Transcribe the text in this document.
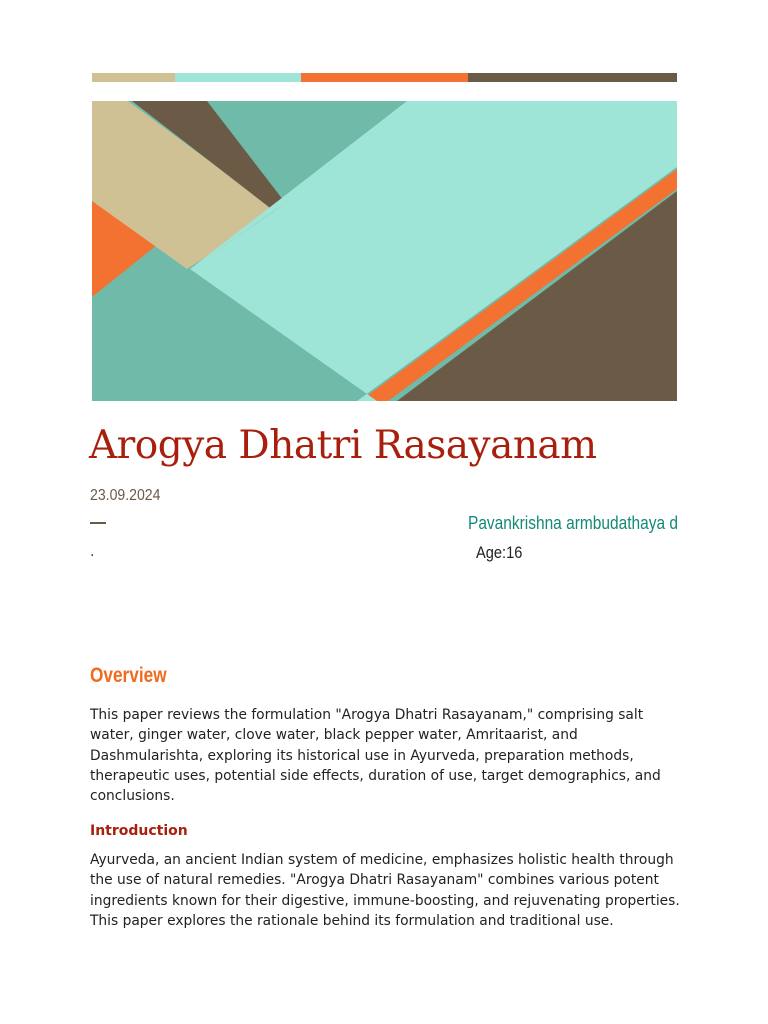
Arogya Dhatri Rasayanam
23.09.2024
.
Pavankrishna armbudathaya d
Age:16
Overview

This paper reviews the formulation "Arogya Dhatri Rasayanam," comprising salt water, ginger water, clove water, black pepper water, Amritaarist, and Dashmularishta, exploring its historical use in Ayurveda, preparation methods, therapeutic uses, potential side effects, duration of use, target demographics, and conclusions.

Introduction

Ayurveda, an ancient Indian system of medicine, emphasizes holistic health through the use of natural remedies. "Arogya Dhatri Rasayanam" combines various potent ingredients known for their digestive, immune-boosting, and rejuvenating properties. This paper explores the rationale behind its formulation and traditional use.
